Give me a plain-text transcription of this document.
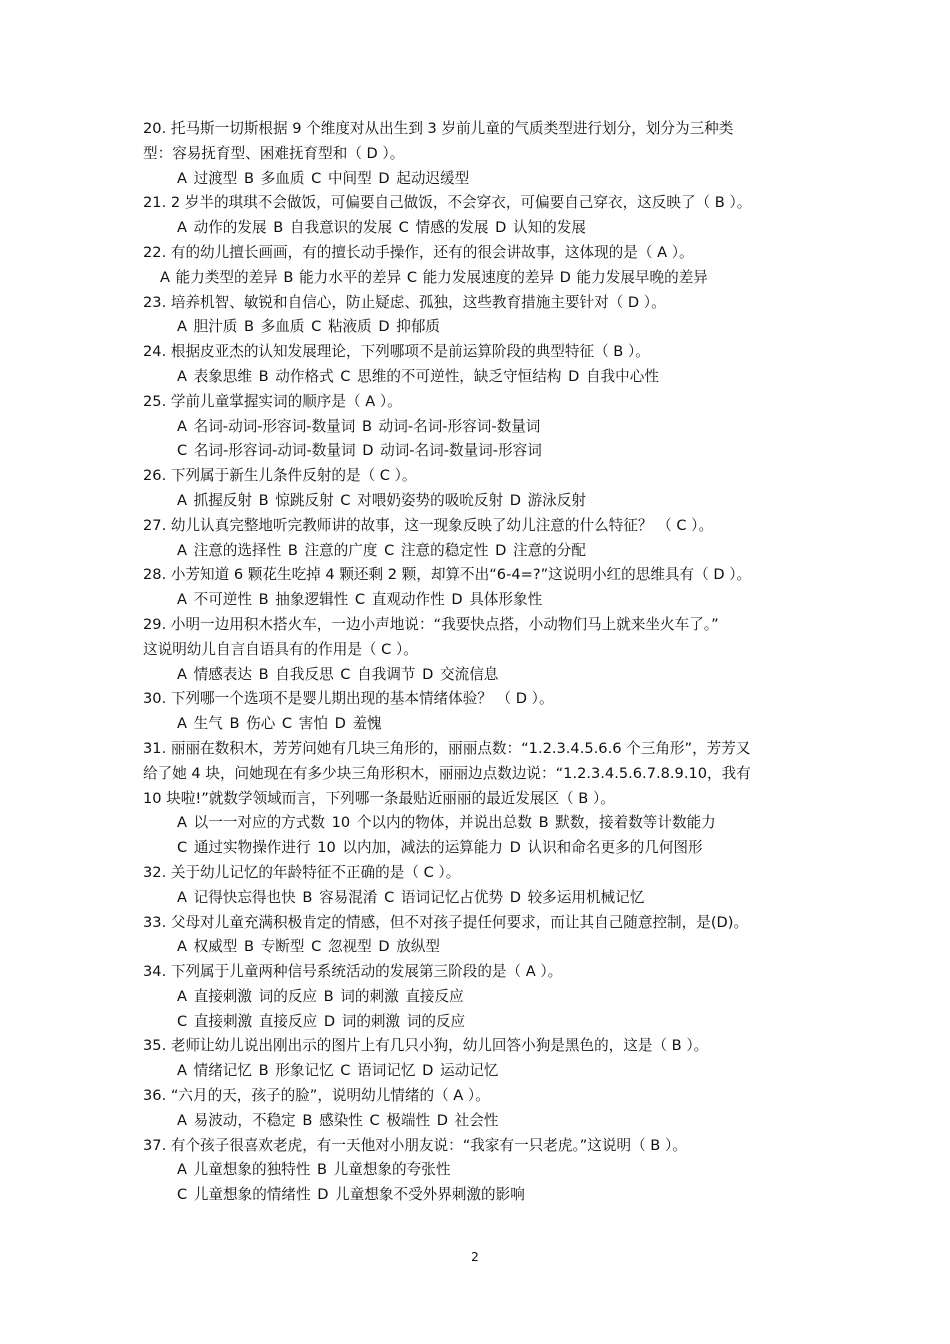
20. 托马斯一切斯根据 9 个维度对从出生到 3 岁前儿童的气质类型进行划分，划分为三种类
型：容易抚育型、困难抚育型和（ D ）。
A 过渡型 B 多血质 C 中间型 D 起动迟缓型
21. 2 岁半的琪琪不会做饭，可偏要自己做饭，不会穿衣，可偏要自己穿衣，这反映了（ B ）。
A 动作的发展 B 自我意识的发展 C 情感的发展 D 认知的发展
22. 有的幼儿擅长画画，有的擅长动手操作，还有的很会讲故事，这体现的是（ A ）。
A 能力类型的差异 B 能力水平的差异 C 能力发展速度的差异 D 能力发展早晚的差异
23. 培养机智、敏锐和自信心，防止疑虑、孤独，这些教育措施主要针对（ D ）。
A 胆汁质 B 多血质 C 粘液质 D 抑郁质
24. 根据皮亚杰的认知发展理论，下列哪项不是前运算阶段的典型特征（ B ）。
A 表象思维 B 动作格式 C 思维的不可逆性，缺乏守恒结构 D 自我中心性
25. 学前儿童掌握实词的顺序是（ A ）。
A 名词-动词-形容词-数量词 B 动词-名词-形容词-数量词
C 名词-形容词-动词-数量词 D 动词-名词-数量词-形容词
26. 下列属于新生儿条件反射的是（ C ）。
A 抓握反射 B 惊跳反射 C 对喂奶姿势的吸吮反射 D 游泳反射
27. 幼儿认真完整地听完教师讲的故事，这一现象反映了幼儿注意的什么特征？ （ C ）。
A 注意的选择性 B 注意的广度 C 注意的稳定性 D 注意的分配
28. 小芳知道 6 颗花生吃掉 4 颗还剩 2 颗，却算不出“6-4=?”这说明小红的思维具有（ D ）。
A 不可逆性 B 抽象逻辑性 C 直观动作性 D 具体形象性
29. 小明一边用积木搭火车，一边小声地说：“我要快点搭，小动物们马上就来坐火车了。”
这说明幼儿自言自语具有的作用是（ C ）。
A 情感表达 B 自我反思 C 自我调节 D 交流信息
30. 下列哪一个选项不是婴儿期出现的基本情绪体验？ （ D ）。
A 生气 B 伤心 C 害怕 D 羞愧
31. 丽丽在数积木，芳芳问她有几块三角形的，丽丽点数：“1.2.3.4.5.6.6 个三角形”，芳芳又
给了她 4 块，问她现在有多少块三角形积木，丽丽边点数边说：“1.2.3.4.5.6.7.8.9.10，我有
10 块啦!”就数学领域而言，下列哪一条最贴近丽丽的最近发展区（ B ）。
A 以一一对应的方式数 10 个以内的物体，并说出总数 B 默数，接着数等计数能力
C 通过实物操作进行 10 以内加，减法的运算能力 D 认识和命名更多的几何图形
32. 关于幼儿记忆的年龄特征不正确的是（ C ）。
A 记得快忘得也快 B 容易混淆 C 语词记忆占优势 D 较多运用机械记忆
33. 父母对儿童充满积极肯定的情感，但不对孩子提任何要求，而让其自己随意控制，是(D)。
A 权威型 B 专断型 C 忽视型 D 放纵型
34. 下列属于儿童两种信号系统活动的发展第三阶段的是（ A ）。
A 直接刺激 词的反应 B 词的刺激 直接反应
C 直接刺激 直接反应 D 词的刺激 词的反应
35. 老师让幼儿说出刚出示的图片上有几只小狗，幼儿回答小狗是黑色的，这是（ B ）。
A 情绪记忆 B 形象记忆 C 语词记忆 D 运动记忆
36. “六月的天，孩子的脸”，说明幼儿情绪的（ A ）。
A 易波动，不稳定 B 感染性 C 极端性 D 社会性
37. 有个孩子很喜欢老虎，有一天他对小朋友说：“我家有一只老虎。”这说明（ B ）。
A 儿童想象的独特性 B 儿童想象的夸张性
C 儿童想象的情绪性 D 儿童想象不受外界刺激的影响
2
